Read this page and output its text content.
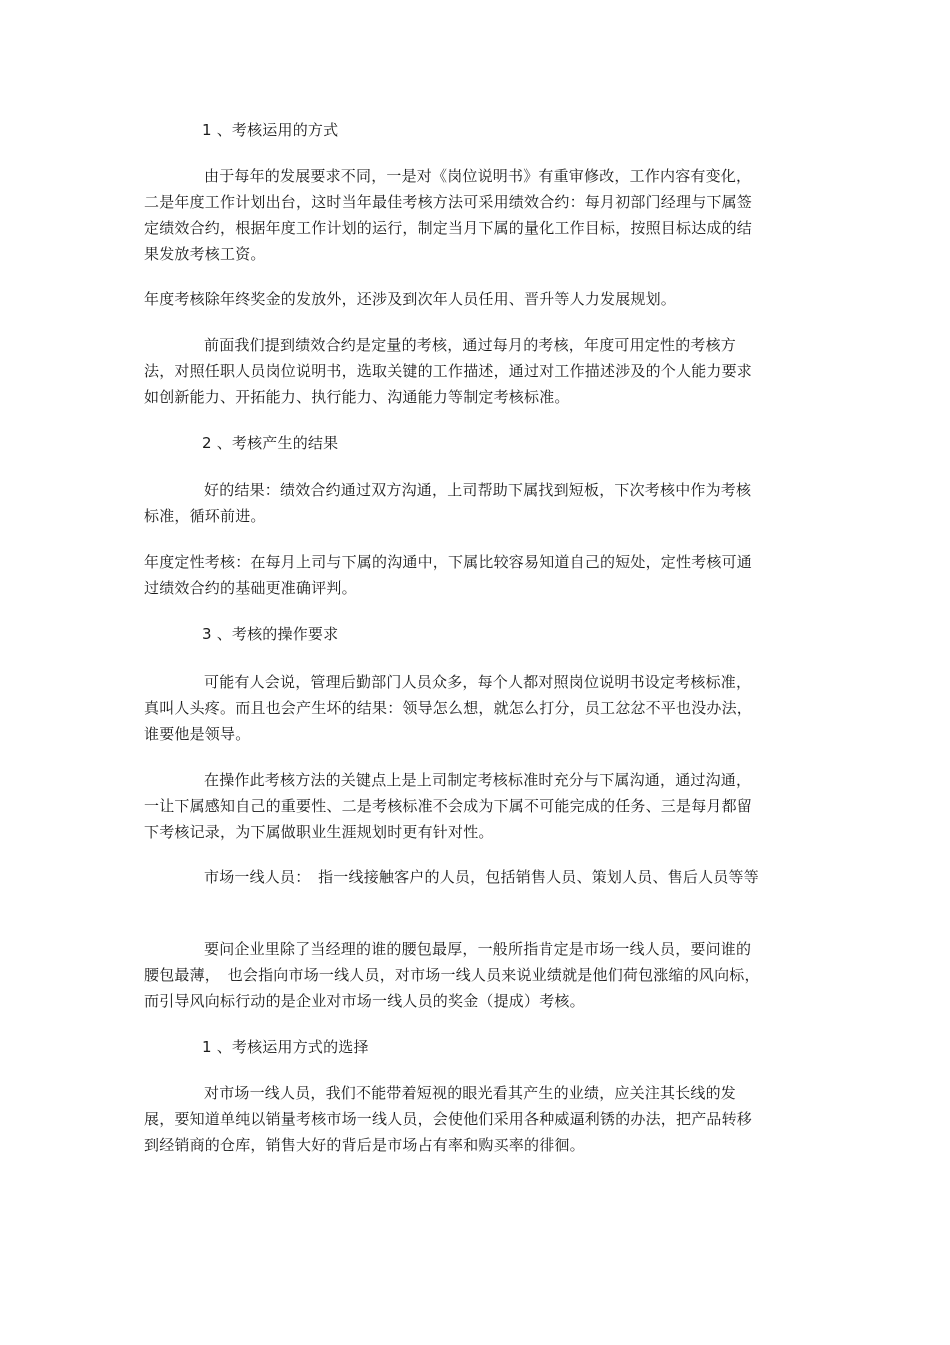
1 、考核运用的方式

由于每年的发展要求不同，一是对《岗位说明书》有重审修改，工作内容有变化，二是年度工作计划出台，这时当年最佳考核方法可采用绩效合约：每月初部门经理与下属签定绩效合约，根据年度工作计划的运行，制定当月下属的量化工作目标，按照目标达成的结果发放考核工资。

年度考核除年终奖金的发放外，还涉及到次年人员任用、晋升等人力发展规划。

前面我们提到绩效合约是定量的考核，通过每月的考核，年度可用定性的考核方法，对照任职人员岗位说明书，选取关键的工作描述，通过对工作描述涉及的个人能力要求如创新能力、开拓能力、执行能力、沟通能力等制定考核标准。

2 、考核产生的结果

好的结果：绩效合约通过双方沟通，上司帮助下属找到短板，下次考核中作为考核标准，循环前进。

年度定性考核：在每月上司与下属的沟通中，下属比较容易知道自己的短处，定性考核可通过绩效合约的基础更准确评判。

3 、考核的操作要求

可能有人会说，管理后勤部门人员众多，每个人都对照岗位说明书设定考核标准，真叫人头疼。而且也会产生坏的结果：领导怎么想，就怎么打分，员工忿忿不平也没办法，谁要他是领导。

在操作此考核方法的关键点上是上司制定考核标准时充分与下属沟通，通过沟通，一让下属感知自己的重要性、二是考核标准不会成为下属不可能完成的任务、三是每月都留下考核记录，为下属做职业生涯规划时更有针对性。

市场一线人员：　指一线接触客户的人员，包括销售人员、策划人员、售后人员等等

要问企业里除了当经理的谁的腰包最厚，一般所指肯定是市场一线人员，要问谁的腰包最薄，　也会指向市场一线人员，对市场一线人员来说业绩就是他们荷包涨缩的风向标，而引导风向标行动的是企业对市场一线人员的奖金（提成）考核。

1 、考核运用方式的选择

对市场一线人员，我们不能带着短视的眼光看其产生的业绩，应关注其长线的发展，要知道单纯以销量考核市场一线人员，会使他们采用各种威逼利锈的办法，把产品转移到经销商的仓库，销售大好的背后是市场占有率和购买率的徘徊。
